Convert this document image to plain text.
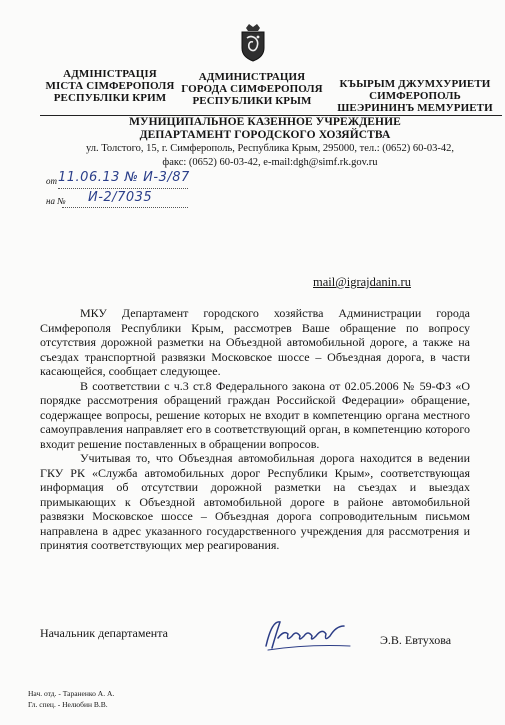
АДМІНІСТРАЦІЯ
МІСТА СІМФЕРОПОЛЯ
РЕСПУБЛІКИ КРИМ
АДМИНИСТРАЦИЯ
ГОРОДА СИМФЕРОПОЛЯ
РЕСПУБЛИКИ КРЫМ
КЪЫРЫМ ДЖУМХУРИЕТИ
СИМФЕРОПОЛЬ
ШЕЭРИНИНЪ МЕМУРИЕТИ
МУНИЦИПАЛЬНОЕ КАЗЕННОЕ УЧРЕЖДЕНИЕ
ДЕПАРТАМЕНТ ГОРОДСКОГО ХОЗЯЙСТВА
ул. Толстого, 15, г. Симферополь, Республика Крым, 295000, тел.: (0652) 60-03-42,
факс: (0652) 60-03-42, e-mail:dgh@simf.rk.gov.ru
от 11.06.13 № И-3/87
на № И-2/7035
mail@igrajdanin.ru

МКУ Департамент городского хозяйства Администрации города Симферополя Республики Крым, рассмотрев Ваше обращение по вопросу отсутствия дорожной разметки на Объездной автомобильной дороге, а также на съездах транспортной развязки Московское шоссе – Объездная дорога, в части касающейся, сообщает следующее.

В соответствии с ч.3 ст.8 Федерального закона от 02.05.2006 № 59-ФЗ «О порядке рассмотрения обращений граждан Российской Федерации» обращение, содержащее вопросы, решение которых не входит в компетенцию органа местного самоуправления направляет его в соответствующий орган, в компетенцию которого входит решение поставленных в обращении вопросов.

Учитывая то, что Объездная автомобильная дорога находится в ведении ГКУ РК «Служба автомобильных дорог Республики Крым», соответствующая информация об отсутствии дорожной разметки на съездах и выездах примыкающих к Объездной автомобильной дороге в районе автомобильной развязки Московское шоссе – Объездная дорога сопроводительным письмом направлена в адрес указанного государственного учреждения для рассмотрения и принятия соответствующих мер реагирования.

Начальник департамента	Э.В. Евтухова
Нач. отд. - Тараненко А. А.
Гл. спец. - Нелюбин В.В.
